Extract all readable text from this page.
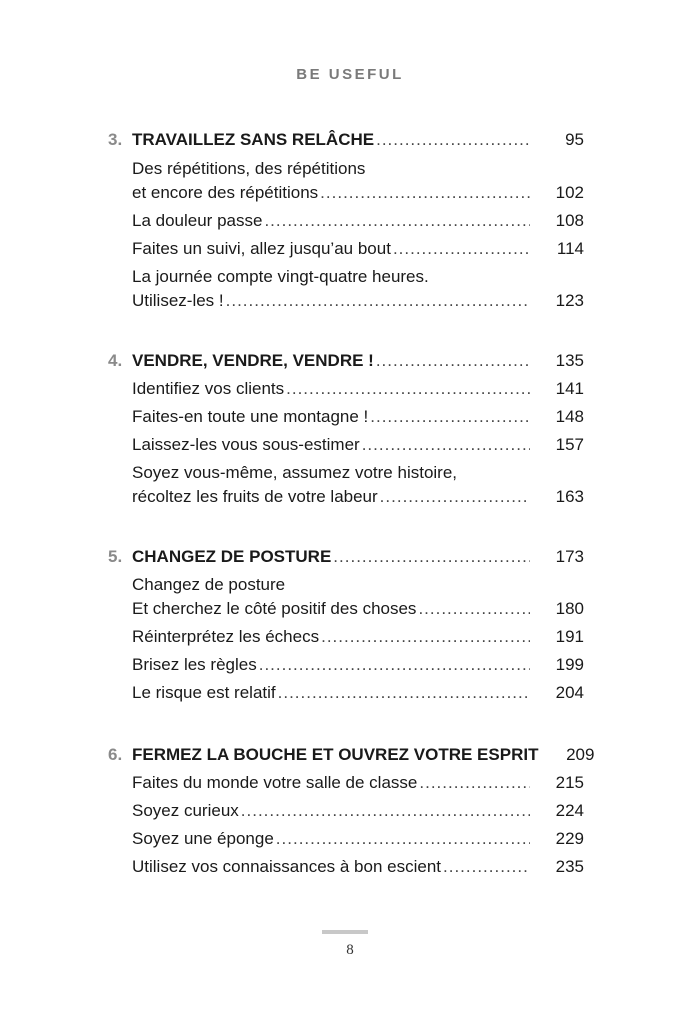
BE USEFUL
3. TRAVAILLEZ SANS RELÂCHE .....	95
Des répétitions, des répétitions
et encore des répétitions .....	102
La douleur passe .....	108
Faites un suivi, allez jusqu’au bout .....	114
La journée compte vingt-quatre heures.
Utilisez-les ! .....	123
4. VENDRE, VENDRE, VENDRE ! .....	135
Identifiez vos clients .....	141
Faites-en toute une montagne ! .....	148
Laissez-les vous sous-estimer .....	157
Soyez vous-même, assumez votre histoire,
récoltez les fruits de votre labeur .....	163
5. CHANGEZ DE POSTURE .....	173
Changez de posture
Et cherchez le côté positif des choses .....	180
Réinterprétez les échecs .....	191
Brisez les règles .....	199
Le risque est relatif .....	204
6. FERMEZ LA BOUCHE ET OUVREZ VOTRE ESPRIT	209
Faites du monde votre salle de classe .....	215
Soyez curieux .....	224
Soyez une éponge .....	229
Utilisez vos connaissances à bon escient .....	235
8
